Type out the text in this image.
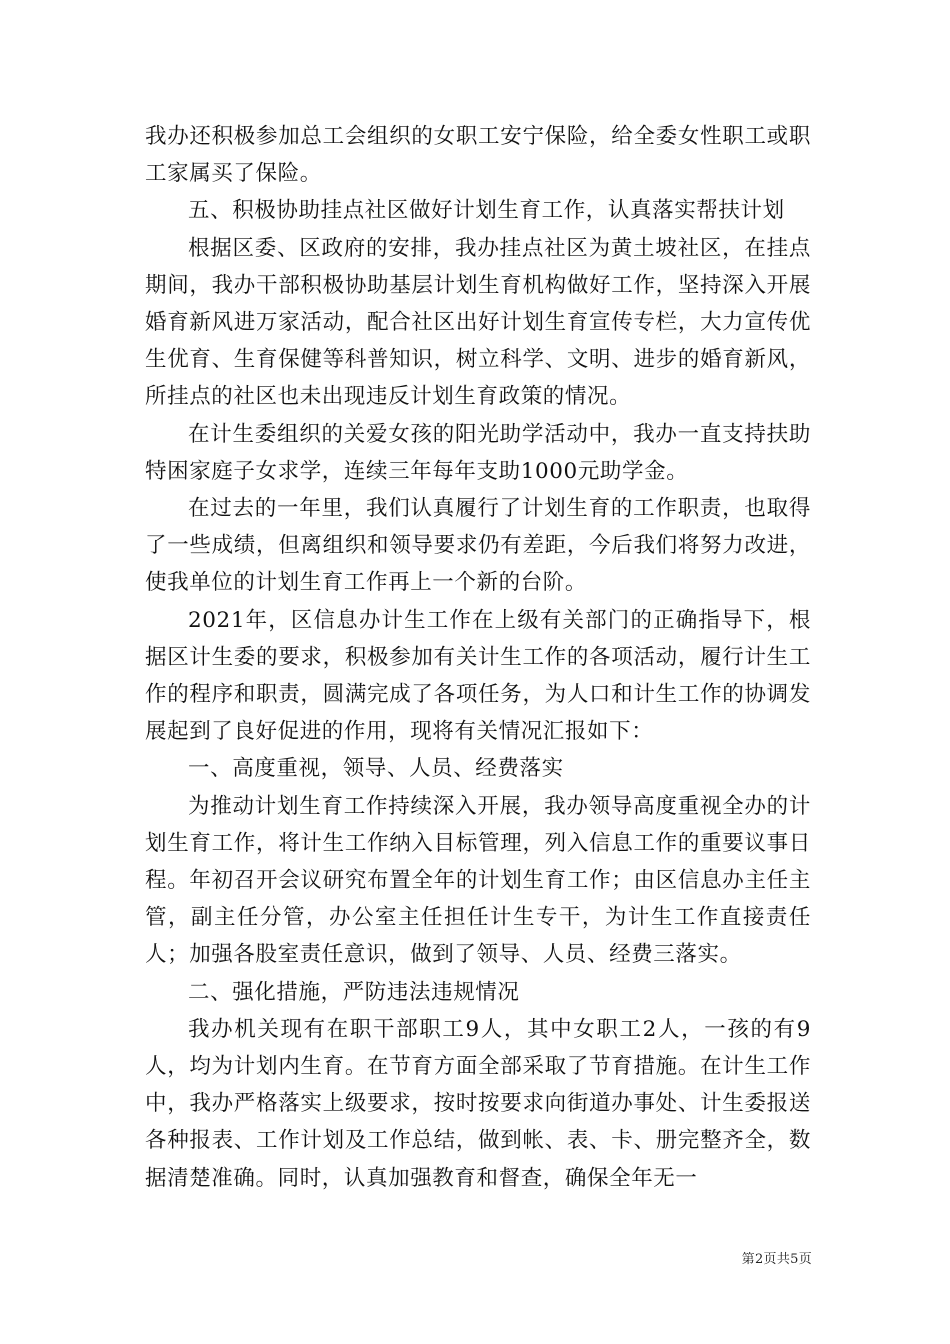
我办还积极参加总工会组织的女职工安宁保险，给全委女性职工或职工家属买了保险。

五、积极协助挂点社区做好计划生育工作，认真落实帮扶计划

根据区委、区政府的安排，我办挂点社区为黄土坡社区，在挂点期间，我办干部积极协助基层计划生育机构做好工作，坚持深入开展婚育新风进万家活动，配合社区出好计划生育宣传专栏，大力宣传优生优育、生育保健等科普知识，树立科学、文明、进步的婚育新风，所挂点的社区也未出现违反计划生育政策的情况。

在计生委组织的关爱女孩的阳光助学活动中，我办一直支持扶助特困家庭子女求学，连续三年每年支助1000元助学金。

在过去的一年里，我们认真履行了计划生育的工作职责，也取得了一些成绩，但离组织和领导要求仍有差距，今后我们将努力改进，使我单位的计划生育工作再上一个新的台阶。

2021年，区信息办计生工作在上级有关部门的正确指导下，根据区计生委的要求，积极参加有关计生工作的各项活动，履行计生工作的程序和职责，圆满完成了各项任务，为人口和计生工作的协调发展起到了良好促进的作用，现将有关情况汇报如下：

一、高度重视，领导、人员、经费落实

为推动计划生育工作持续深入开展，我办领导高度重视全办的计划生育工作，将计生工作纳入目标管理，列入信息工作的重要议事日程。年初召开会议研究布置全年的计划生育工作；由区信息办主任主管，副主任分管，办公室主任担任计生专干，为计生工作直接责任人；加强各股室责任意识，做到了领导、人员、经费三落实。

二、强化措施，严防违法违规情况

我办机关现有在职干部职工9人，其中女职工2人，一孩的有9人，均为计划内生育。在节育方面全部采取了节育措施。在计生工作中，我办严格落实上级要求，按时按要求向街道办事处、计生委报送各种报表、工作计划及工作总结，做到帐、表、卡、册完整齐全，数据清楚准确。同时，认真加强教育和督查，确保全年无一

第2页共5页
